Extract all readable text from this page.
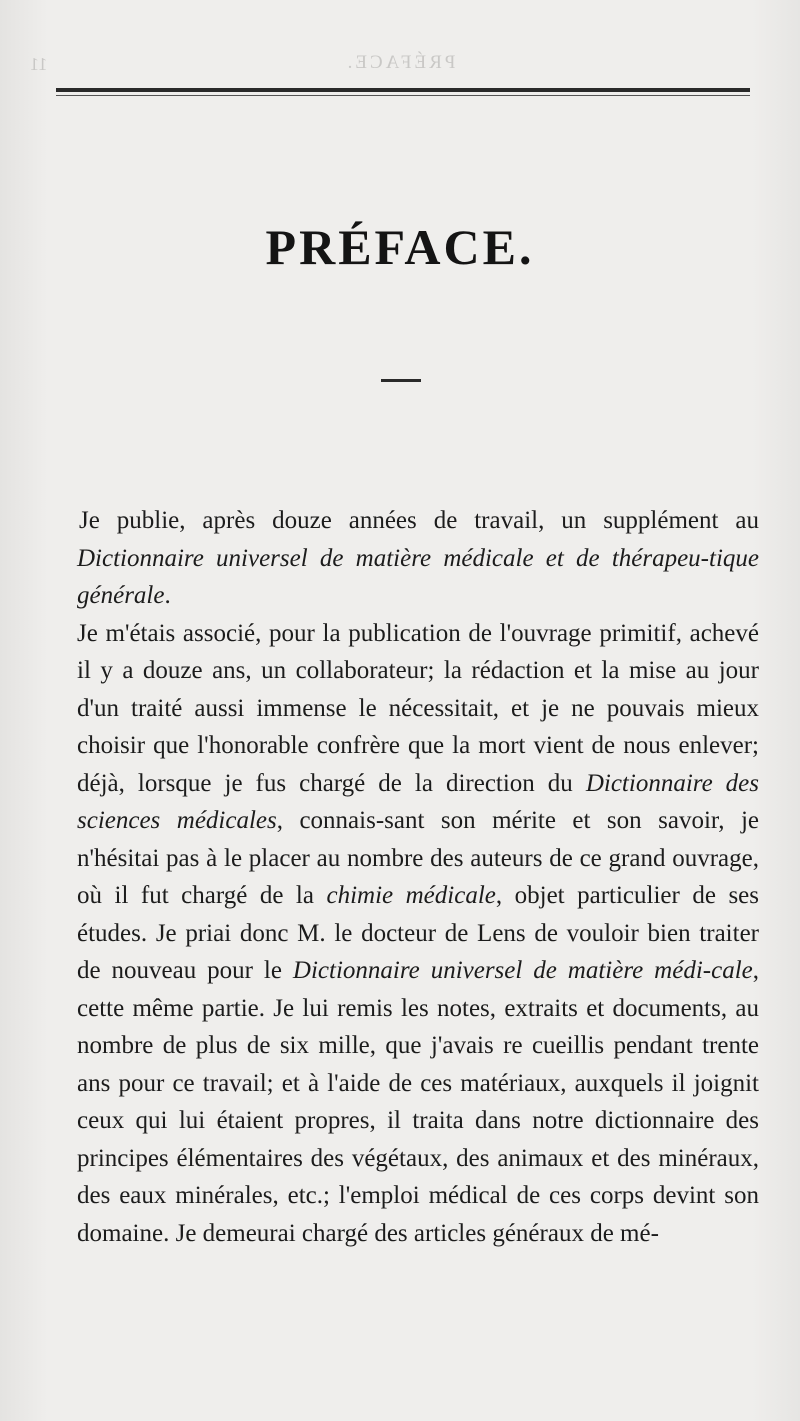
PRÉFACE.
11
PRÉFACE.

Je publie, après douze années de travail, un supplément au Dictionnaire universel de matière médicale et de thérapeu-tique générale.

Je m'étais associé, pour la publication de l'ouvrage primitif, achevé il y a douze ans, un collaborateur; la rédaction et la mise au jour d'un traité aussi immense le nécessitait, et je ne pouvais mieux choisir que l'honorable confrère que la mort vient de nous enlever; déjà, lorsque je fus chargé de la direction du Dictionnaire des sciences médicales, connais-sant son mérite et son savoir, je n'hésitai pas à le placer au nombre des auteurs de ce grand ouvrage, où il fut chargé de la chimie médicale, objet particulier de ses études. Je priai donc M. le docteur de Lens de vouloir bien traiter de nouveau pour le Dictionnaire universel de matière médi-cale, cette même partie. Je lui remis les notes, extraits et documents, au nombre de plus de six mille, que j'avais re cueillis pendant trente ans pour ce travail; et à l'aide de ces matériaux, auxquels il joignit ceux qui lui étaient propres, il traita dans notre dictionnaire des principes élémentaires des végétaux, des animaux et des minéraux, des eaux minérales, etc.; l'emploi médical de ces corps devint son domaine. Je demeurai chargé des articles généraux de mé-
